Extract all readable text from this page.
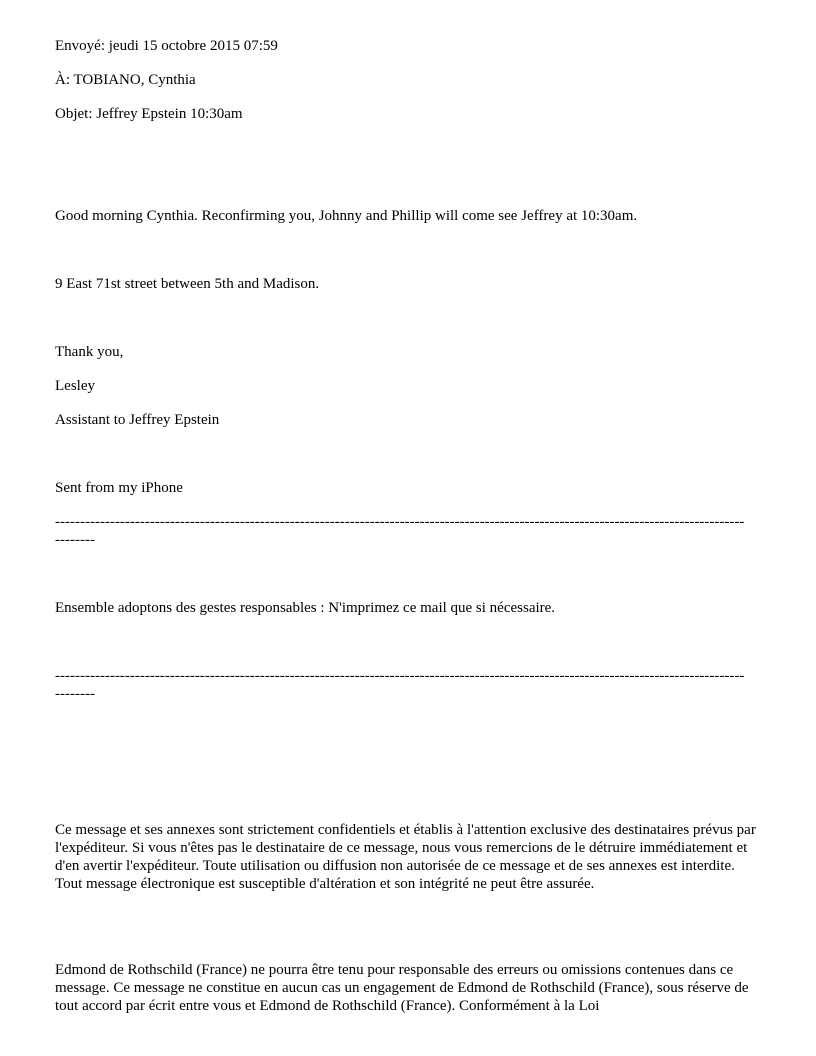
Envoyé: jeudi 15 octobre 2015 07:59
À: TOBIANO, Cynthia
Objet: Jeffrey Epstein 10:30am
Good morning Cynthia. Reconfirming you, Johnny and Phillip will come see Jeffrey at 10:30am.
9 East 71st street between 5th and Madison.
Thank you,
Lesley
Assistant to Jeffrey Epstein
Sent from my iPhone
------------------------------------------------------------------------------------------------------------------------------------------
--------
Ensemble adoptons des gestes responsables : N'imprimez ce mail que si nécessaire.
------------------------------------------------------------------------------------------------------------------------------------------
--------
Ce message et ses annexes sont strictement confidentiels et établis à l'attention exclusive des destinataires prévus par l'expéditeur. Si vous n'êtes pas le destinataire de ce message, nous vous remercions de le détruire immédiatement et d'en avertir l'expéditeur. Toute utilisation ou diffusion non autorisée de ce message et de ses annexes est interdite. Tout message électronique est susceptible d'altération et son intégrité ne peut être assurée.
Edmond de Rothschild (France) ne pourra être tenu pour responsable des erreurs ou omissions contenues dans ce message. Ce message ne constitue en aucun cas un engagement de Edmond de Rothschild (France), sous réserve de tout accord par écrit entre vous et Edmond de Rothschild (France). Conformément à la Loi
